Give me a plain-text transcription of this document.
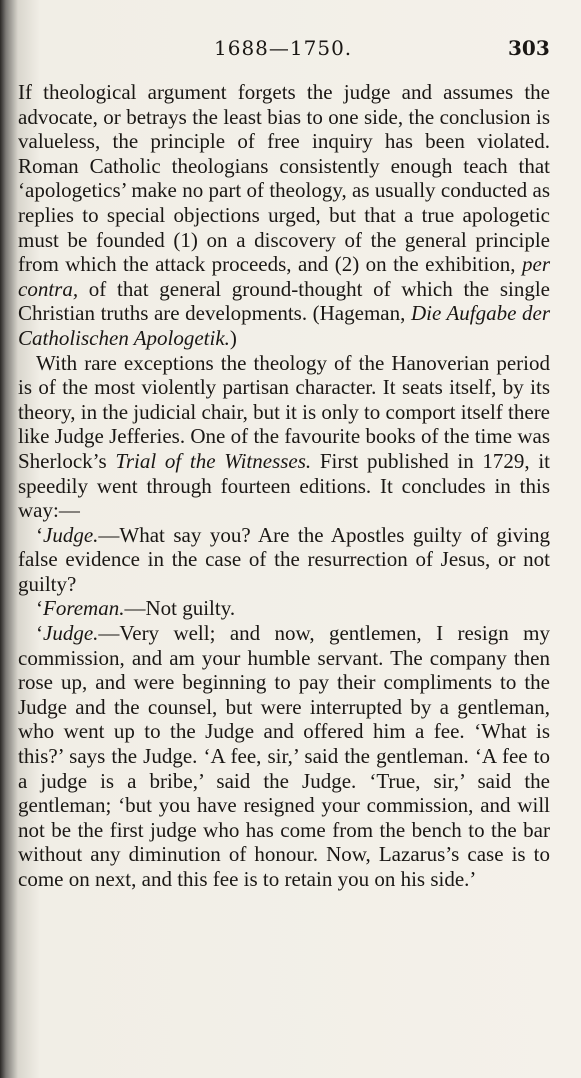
1688—1750.	303

If theological argument forgets the judge and assumes the advocate, or betrays the least bias to one side, the conclusion is valueless, the principle of free inquiry has been violated. Roman Catholic theologians consistently enough teach that ‘apologetics’ make no part of theology, as usually conducted as replies to special objections urged, but that a true apologetic must be founded (1) on a discovery of the general principle from which the attack proceeds, and (2) on the exhibition, per contra, of that general ground-thought of which the single Christian truths are developments. (Hageman, Die Aufgabe der Catholischen Apologetik.)

With rare exceptions the theology of the Hanoverian period is of the most violently partisan character. It seats itself, by its theory, in the judicial chair, but it is only to comport itself there like Judge Jefferies. One of the favourite books of the time was Sherlock’s Trial of the Witnesses. First published in 1729, it speedily went through fourteen editions. It concludes in this way:—

‘Judge.—What say you? Are the Apostles guilty of giving false evidence in the case of the resurrection of Jesus, or not guilty?

‘Foreman.—Not guilty.

‘Judge.—Very well; and now, gentlemen, I resign my commission, and am your humble servant. The company then rose up, and were beginning to pay their compliments to the Judge and the counsel, but were interrupted by a gentleman, who went up to the Judge and offered him a fee. ‘What is this?’ says the Judge. ‘A fee, sir,’ said the gentleman. ‘A fee to a judge is a bribe,’ said the Judge. ‘True, sir,’ said the gentleman; ‘but you have resigned your commission, and will not be the first judge who has come from the bench to the bar without any diminution of honour. Now, Lazarus’s case is to come on next, and this fee is to retain you on his side.’
